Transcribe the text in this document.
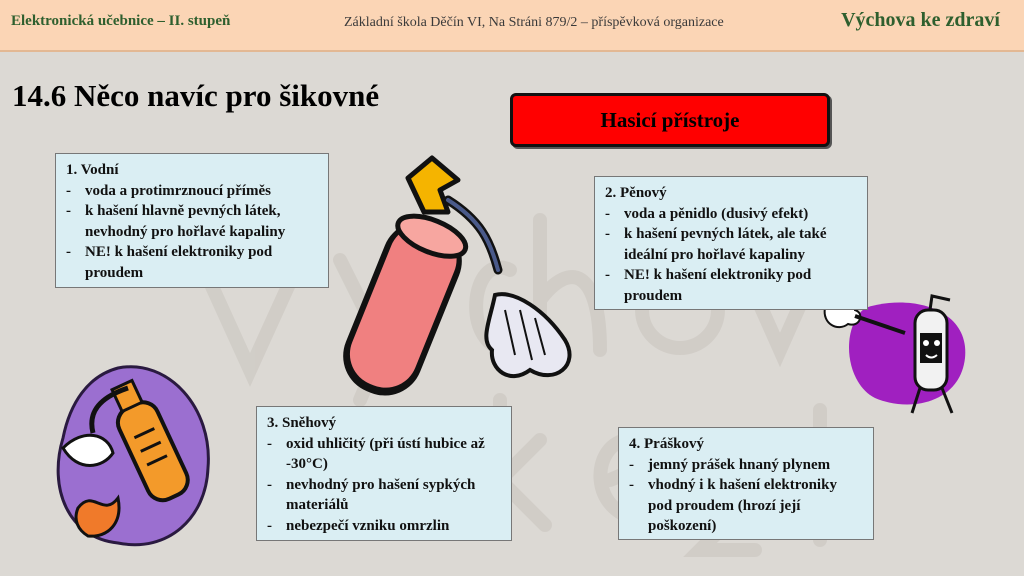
Elektronická učebnice – II. stupeň	Základní škola Děčín VI, Na Stráni 879/2 – příspěvková organizace	Výchova ke zdraví
14.6 Něco navíc pro šikovné
Hasicí přístroje

1. Vodní

- voda a protimrznoucí příměs
- k hašení hlavně pevných látek, nevhodný pro hořlavé kapaliny
- NE! k hašení elektroniky pod proudem

2. Pěnový

- voda a pěnidlo (dusivý efekt)
- k hašení pevných látek, ale také ideální pro hořlavé kapaliny
- NE! k hašení elektroniky pod proudem

3. Sněhový

- oxid uhličitý (při ústí hubice až -30°C)
- nevhodný pro hašení sypkých materiálů
- nebezpečí vzniku omrzlin

4. Práškový

- jemný prášek hnaný plynem
- vhodný i k hašení elektroniky pod proudem (hrozí její poškození)
